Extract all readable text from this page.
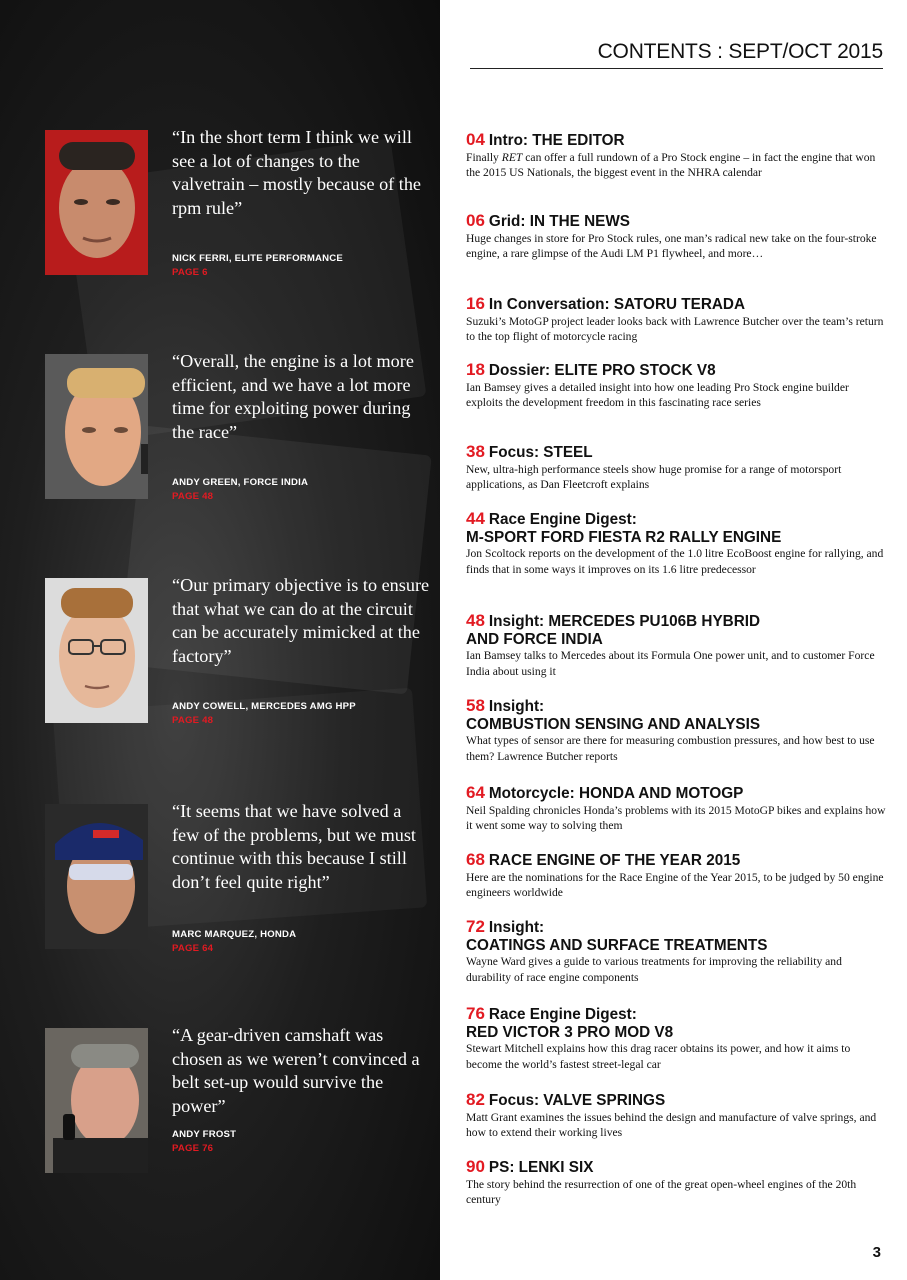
“In the short term I think we will see a lot of changes to the valvetrain – mostly because of the rpm rule”
NICK FERRI, ELITE PERFORMANCE
PAGE 6
“Overall, the engine is a lot more efficient, and we have a lot more time for exploiting power during the race”
ANDY GREEN, FORCE INDIA
PAGE 48
“Our primary objective is to ensure that what we can do at the circuit can be accurately mimicked at the factory”
ANDY COWELL, MERCEDES AMG HPP
PAGE 48
“It seems that we have solved a few of the problems, but we must continue with this because I still don’t feel quite right”
MARC MARQUEZ, HONDA
PAGE 64
“A gear-driven camshaft was chosen as we weren’t convinced a belt set-up would survive the power”
ANDY FROST
PAGE 76
CONTENTS : SEPT/OCT 2015

04 Intro: THE EDITOR

Finally RET can offer a full rundown of a Pro Stock engine – in fact the engine that won the 2015 US Nationals, the biggest event in the NHRA calendar

06 Grid: IN THE NEWS

Huge changes in store for Pro Stock rules, one man’s radical new take on the four-stroke engine, a rare glimpse of the Audi LM P1 flywheel, and more…

16 In Conversation: SATORU TERADA

Suzuki’s MotoGP project leader looks back with Lawrence Butcher over the team’s return to the top flight of motorcycle racing

18 Dossier: ELITE PRO STOCK V8

Ian Bamsey gives a detailed insight into how one leading Pro Stock engine builder exploits the development freedom in this fascinating race series

38 Focus: STEEL

New, ultra-high performance steels show huge promise for a range of motorsport applications, as Dan Fleetcroft explains

44 Race Engine Digest:
M-SPORT FORD FIESTA R2 RALLY ENGINE

Jon Scoltock reports on the development of the 1.0 litre EcoBoost engine for rallying, and finds that in some ways it improves on its 1.6 litre predecessor

48 Insight: MERCEDES PU106B HYBRID
AND FORCE INDIA

Ian Bamsey talks to Mercedes about its Formula One power unit, and to customer Force India about using it

58 Insight:
COMBUSTION SENSING AND ANALYSIS

What types of sensor are there for measuring combustion pressures, and how best to use them? Lawrence Butcher reports

64 Motorcycle: HONDA AND MOTOGP

Neil Spalding chronicles Honda’s problems with its 2015 MotoGP bikes and explains how it went some way to solving them

68 RACE ENGINE OF THE YEAR 2015

Here are the nominations for the Race Engine of the Year 2015, to be judged by 50 engine engineers worldwide

72 Insight:
COATINGS AND SURFACE TREATMENTS

Wayne Ward gives a guide to various treatments for improving the reliability and durability of race engine components

76 Race Engine Digest:
RED VICTOR 3 PRO MOD V8

Stewart Mitchell explains how this drag racer obtains its power, and how it aims to become the world’s fastest street-legal car

82 Focus: VALVE SPRINGS

Matt Grant examines the issues behind the design and manufacture of valve springs, and how to extend their working lives

90 PS: LENKI SIX

The story behind the resurrection of one of the great open-wheel engines of the 20th century

3
